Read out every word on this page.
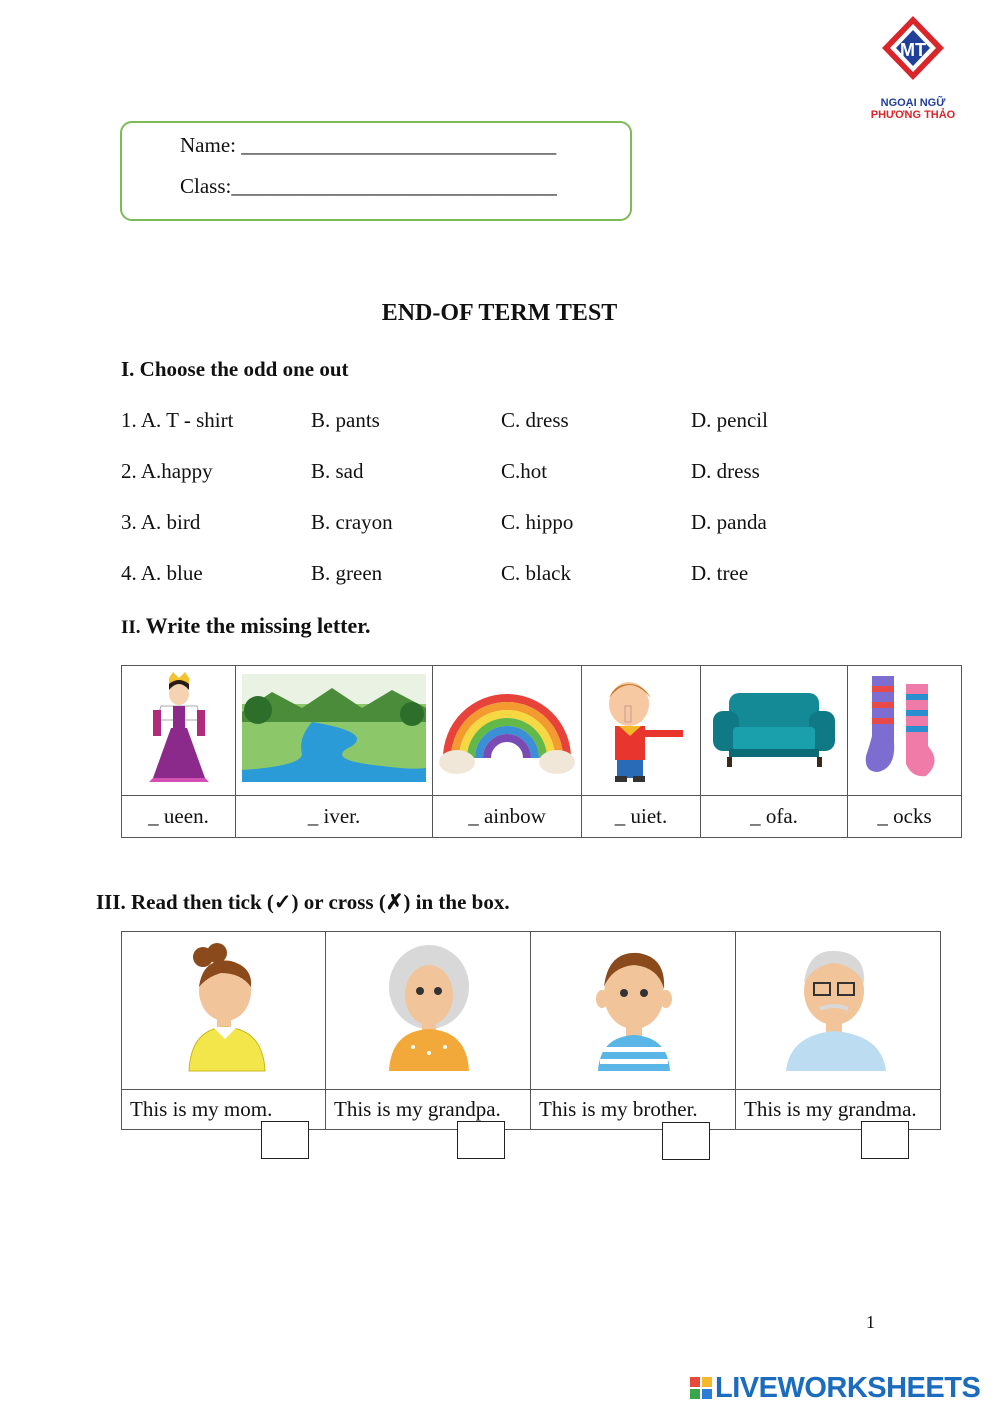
MT
NGOẠI NGỮ
PHƯƠNG THẢO
Name: ______________________________
Class:_______________________________
END-OF TERM TEST
I. Choose the odd one out
1. A. T - shirt	B. pants	C. dress	D. pencil
2. A.happy	B. sad	C.hot	D. dress
3. A. bird	B. crayon	C. hippo	D. panda
4. A. blue	B. green	C. black	D. tree
II. Write the missing letter.

_ ueen.	_ iver.	_ ainbow	_ uiet.	_ ofa.	_ ocks
III. Read then tick (✓) or cross (✗) in the box.

This is my mom.	This is my grandpa.	This is my brother.	This is my grandma.
1
LIVEWORKSHEETS
